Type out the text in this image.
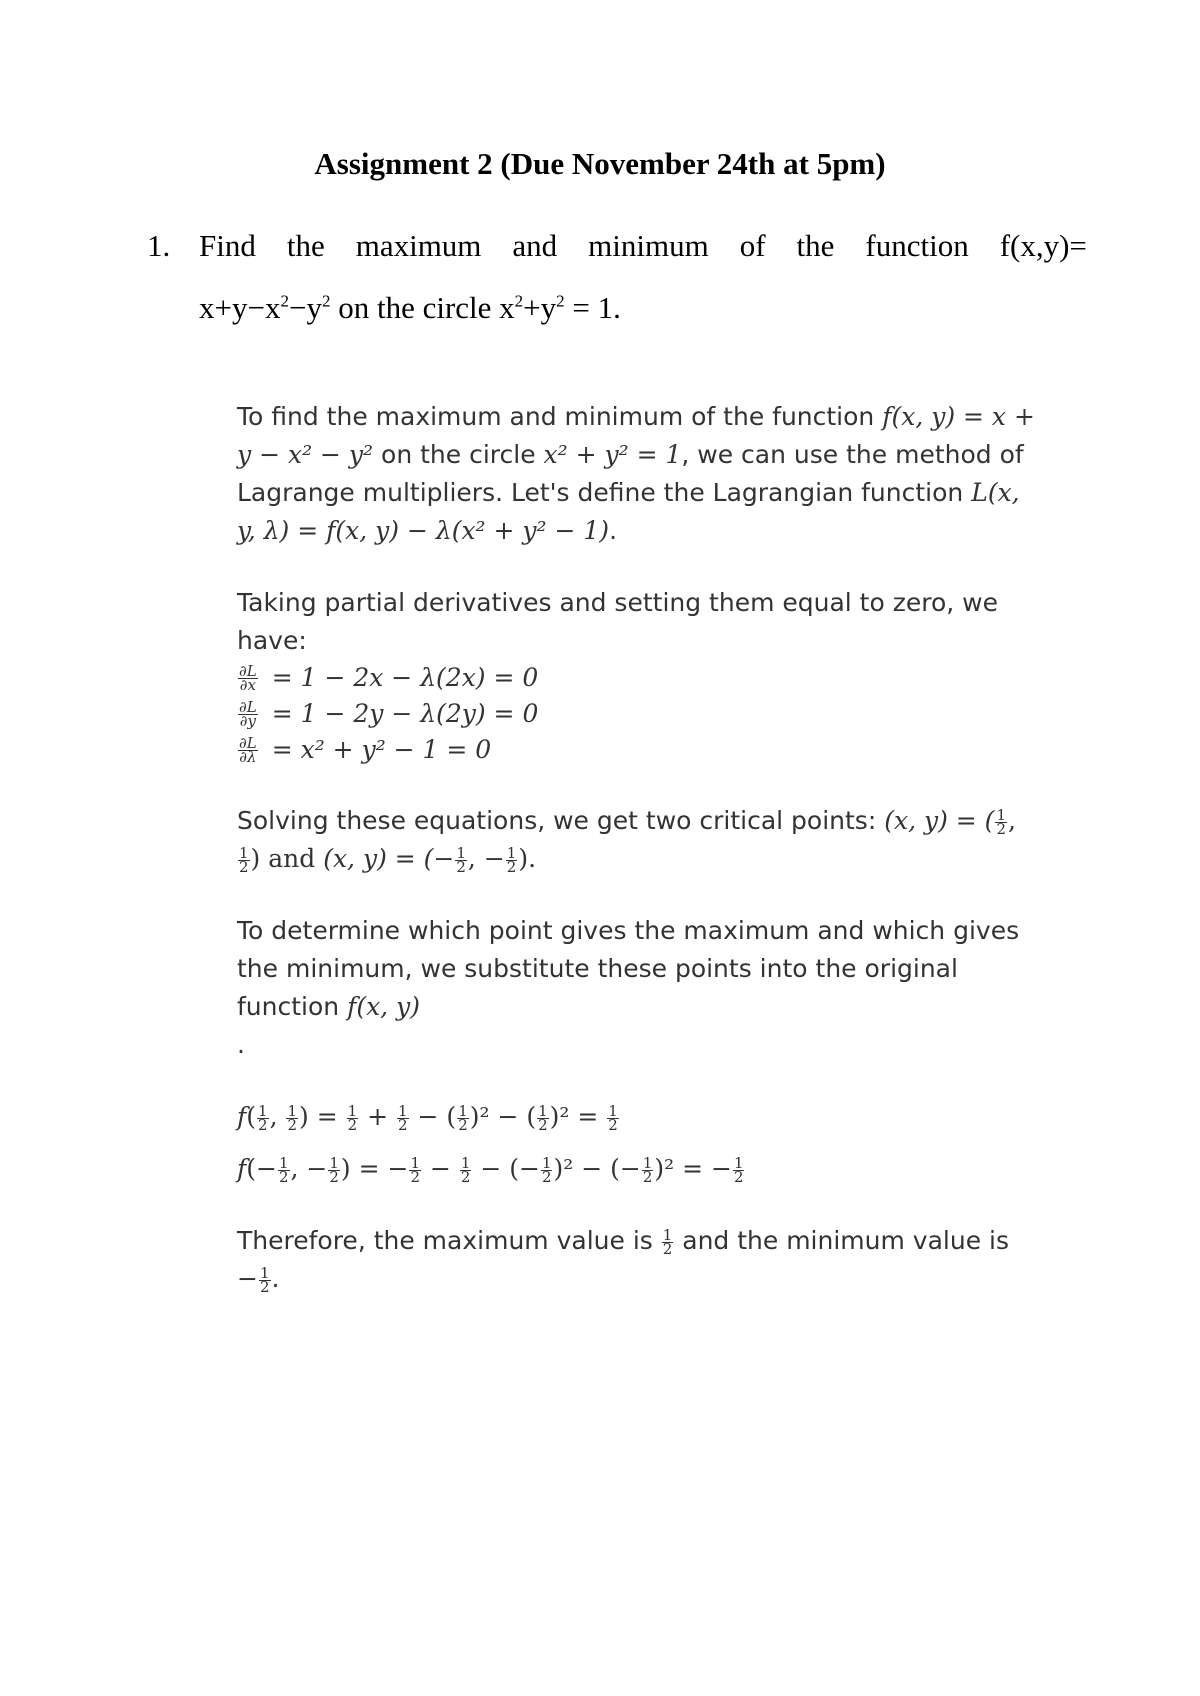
Assignment 2 (Due November 24th at 5pm)
1. Find the maximum and minimum of the function f(x,y)=
$x+y-x^2-y^2$ on the circle $x^2+y^2 = 1$.

To find the maximum and minimum of the function f(x, y) = x + y − x² − y² on the circle x² + y² = 1, we can use the method of Lagrange multipliers. Let's define the Lagrangian function L(x, y, λ) = f(x, y) − λ(x² + y² − 1).

Taking partial derivatives and setting them equal to zero, we have:

$\frac{\partial L}{\partial x} = 1 - 2x - \lambda(2x) = 0$
$\frac{\partial L}{\partial y} = 1 - 2y - \lambda(2y) = 0$
$\frac{\partial L}{\partial\lambda} = x^2 + y^2 - 1 = 0$

Solving these equations, we get two critical points: (x, y) = ( $\frac{1}{2}$ ,
$\frac{1}{2}$ ) and (x, y) = (− $\frac{1}{2}$ , − $\frac{1}{2}$ ).

To determine which point gives the maximum and which gives the minimum, we substitute these points into the original function f(x, y)

.

$f( \frac{1}{2}$ , $\frac{1}{2}$ ) = $\frac{1}{2} + \frac{1}{2}$ − ( $\frac{1}{2} )^2$ − ( $\frac{1}{2} )^2 = \frac{1}{2}$

$f(- \frac{1}{2}$ , − $\frac{1}{2}$ ) = − $\frac{1}{2} - \frac{1}{2}$ − (− $\frac{1}{2} )^2$ − (− $\frac{1}{2} )^2$ = − $\frac{1}{2}$

Therefore, the maximum value is $\frac{1}{2}$ and the minimum value is − $\frac{1}{2}$ .
